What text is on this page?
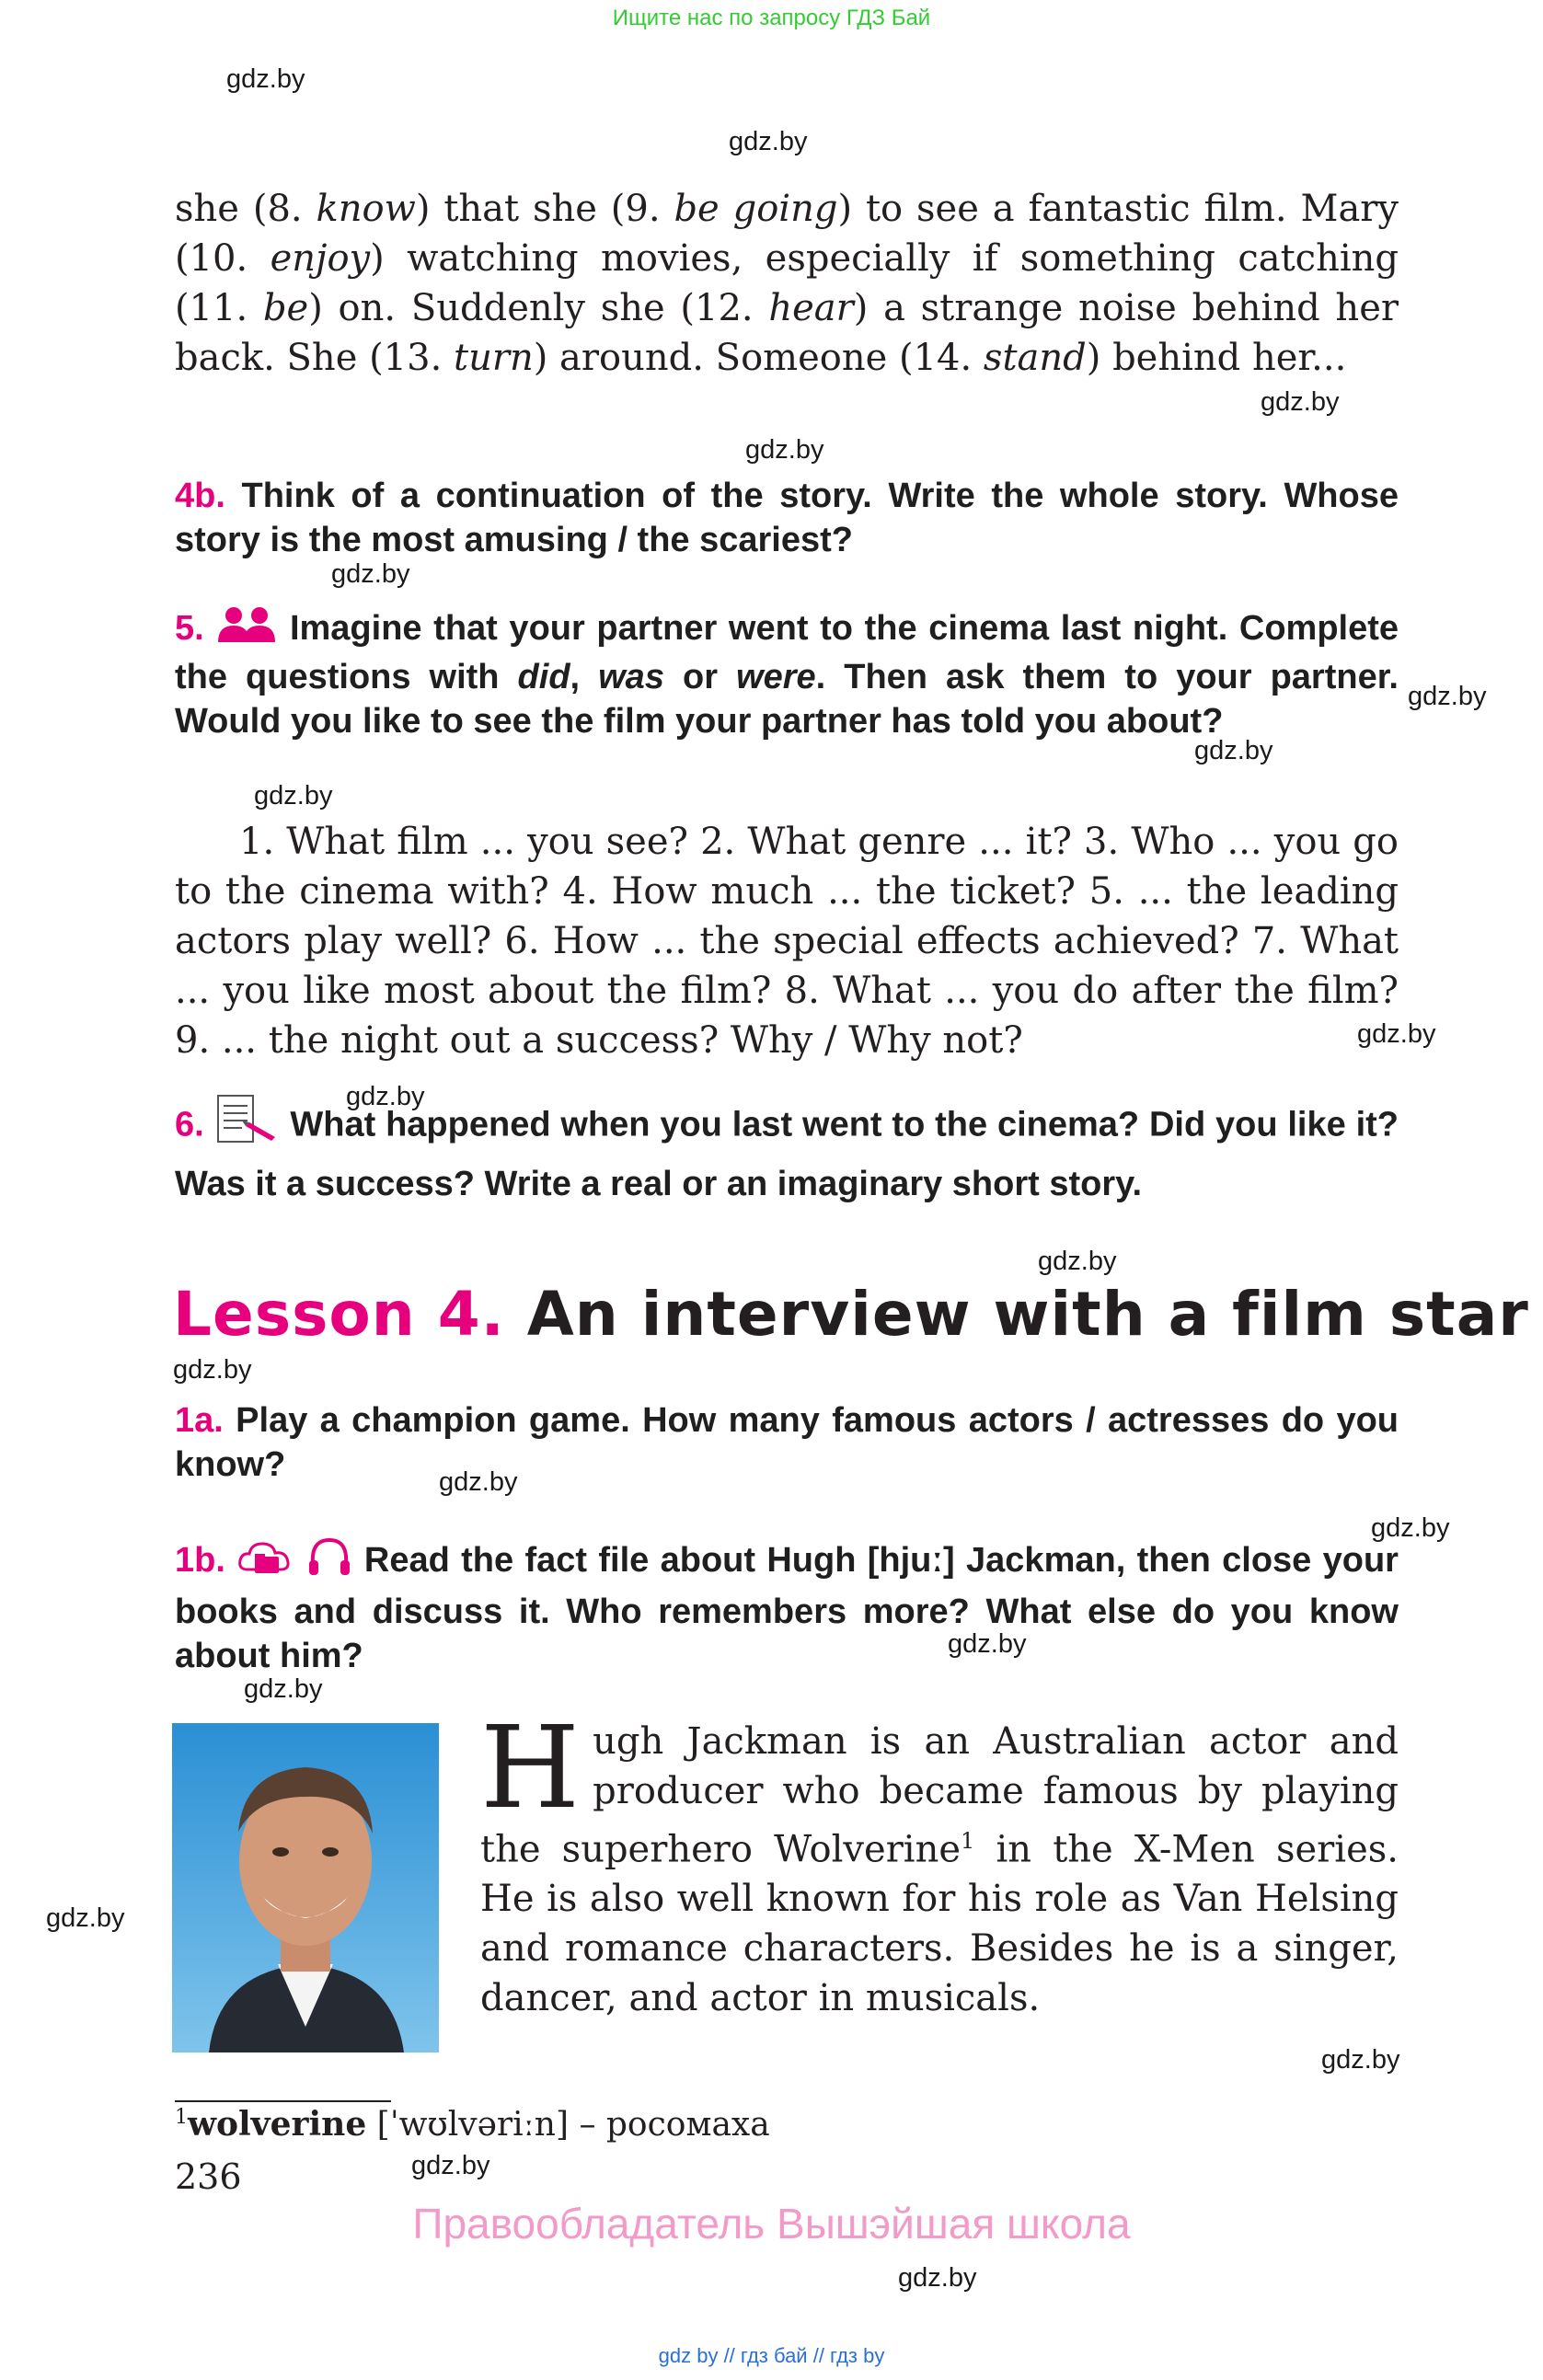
Ищите нас по запросу ГДЗ Бай
gdz.by
gdz.by
gdz.by
gdz.by
gdz.by
gdz.by
gdz.by
gdz.by
gdz.by
gdz.by
gdz.by
gdz.by
gdz.by
gdz.by
gdz.by
gdz.by
gdz.by
gdz.by
gdz.by
gdz.by
she (8. know) that she (9. be going) to see a fantastic film. Mary (10. enjoy) watching movies, especially if something catching (11. be) on. Suddenly she (12. hear) a strange noise behind her back. She (13. turn) around. Someone (14. stand) behind her...
4b. Think of a continuation of the story. Write the whole story. Whose story is the most amusing / the scariest?
5. Imagine that your partner went to the cinema last night. Complete the questions with did, was or were. Then ask them to your partner. Would you like to see the film your partner has told you about?
1. What film ... you see? 2. What genre ... it? 3. Who ... you go to the cinema with? 4. How much ... the ticket? 5. ... the leading actors play well? 6. How ... the special effects achieved? 7. What ... you like most about the film? 8. What ... you do after the film? 9. ... the night out a success? Why / Why not?
6. What happened when you last went to the cinema? Did you like it? Was it a success? Write a real or an imaginary short story.
Lesson 4. An interview with a film star
1a. Play a champion game. How many famous actors / actresses do you know?
1b.	Read the fact file about Hugh [hjuː] Jackman, then close your books and discuss it. Who remembers more? What else do you know about him?
Hugh Jackman is an Australian actor and producer who became famous by playing the superhero Wolverine$^1$ in the X-Men series. He is also well known for his role as Van Helsing and romance characters. Besides he is a singer, dancer, and actor in musicals.
$^1$wolverine [ˈwʊlvəriːn] – росомаха
236
Правообладатель Вышэйшая школа
gdz by // гдз бай // гдз by
